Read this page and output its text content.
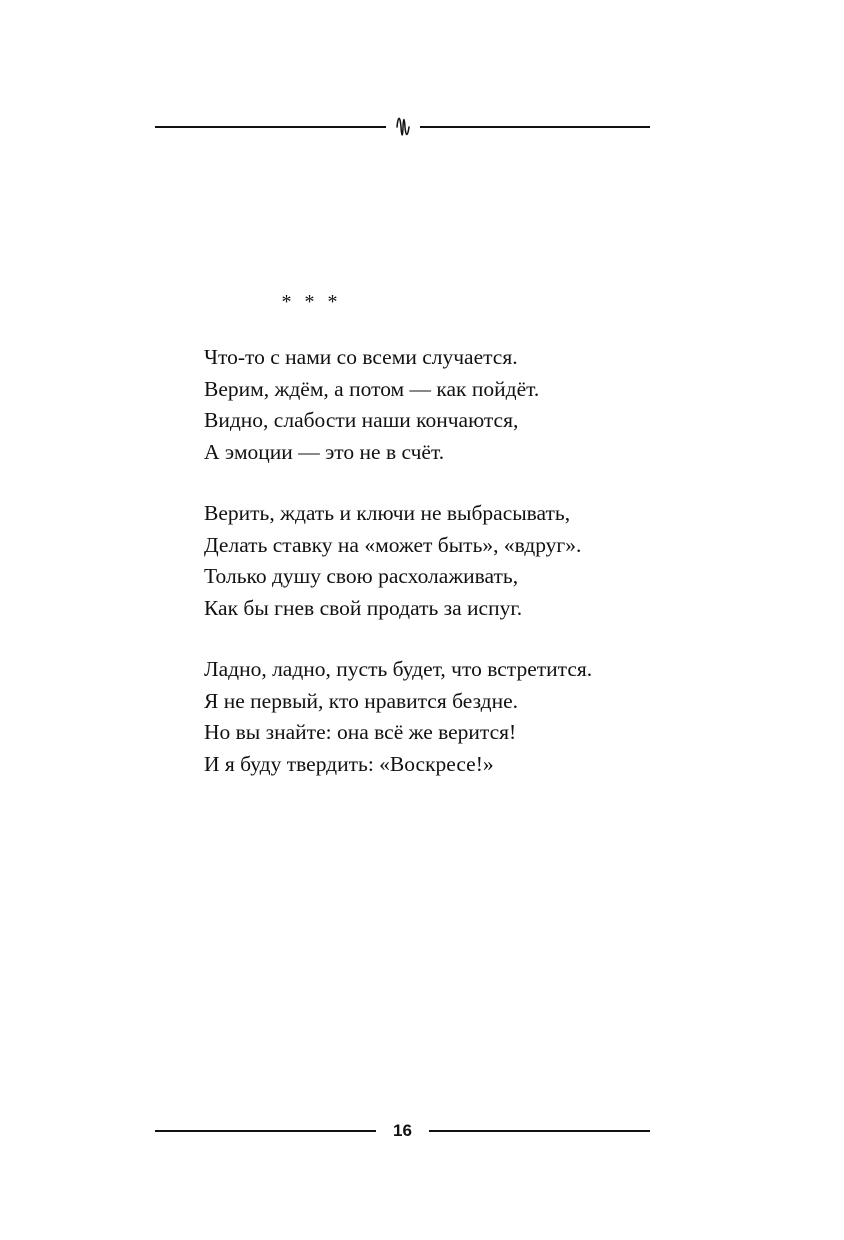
* * *
Что-то с нами со всеми случается.
Верим, ждём, а потом — как пойдёт.
Видно, слабости наши кончаются,
А эмоции — это не в счёт.
Верить, ждать и ключи не выбрасывать,
Делать ставку на «может быть», «вдруг».
Только душу свою расхолаживать,
Как бы гнев свой продать за испуг.
Ладно, ладно, пусть будет, что встретится.
Я не первый, кто нравится бездне.
Но вы знайте: она всё же верится!
И я буду твердить: «Воскресе!»
16
